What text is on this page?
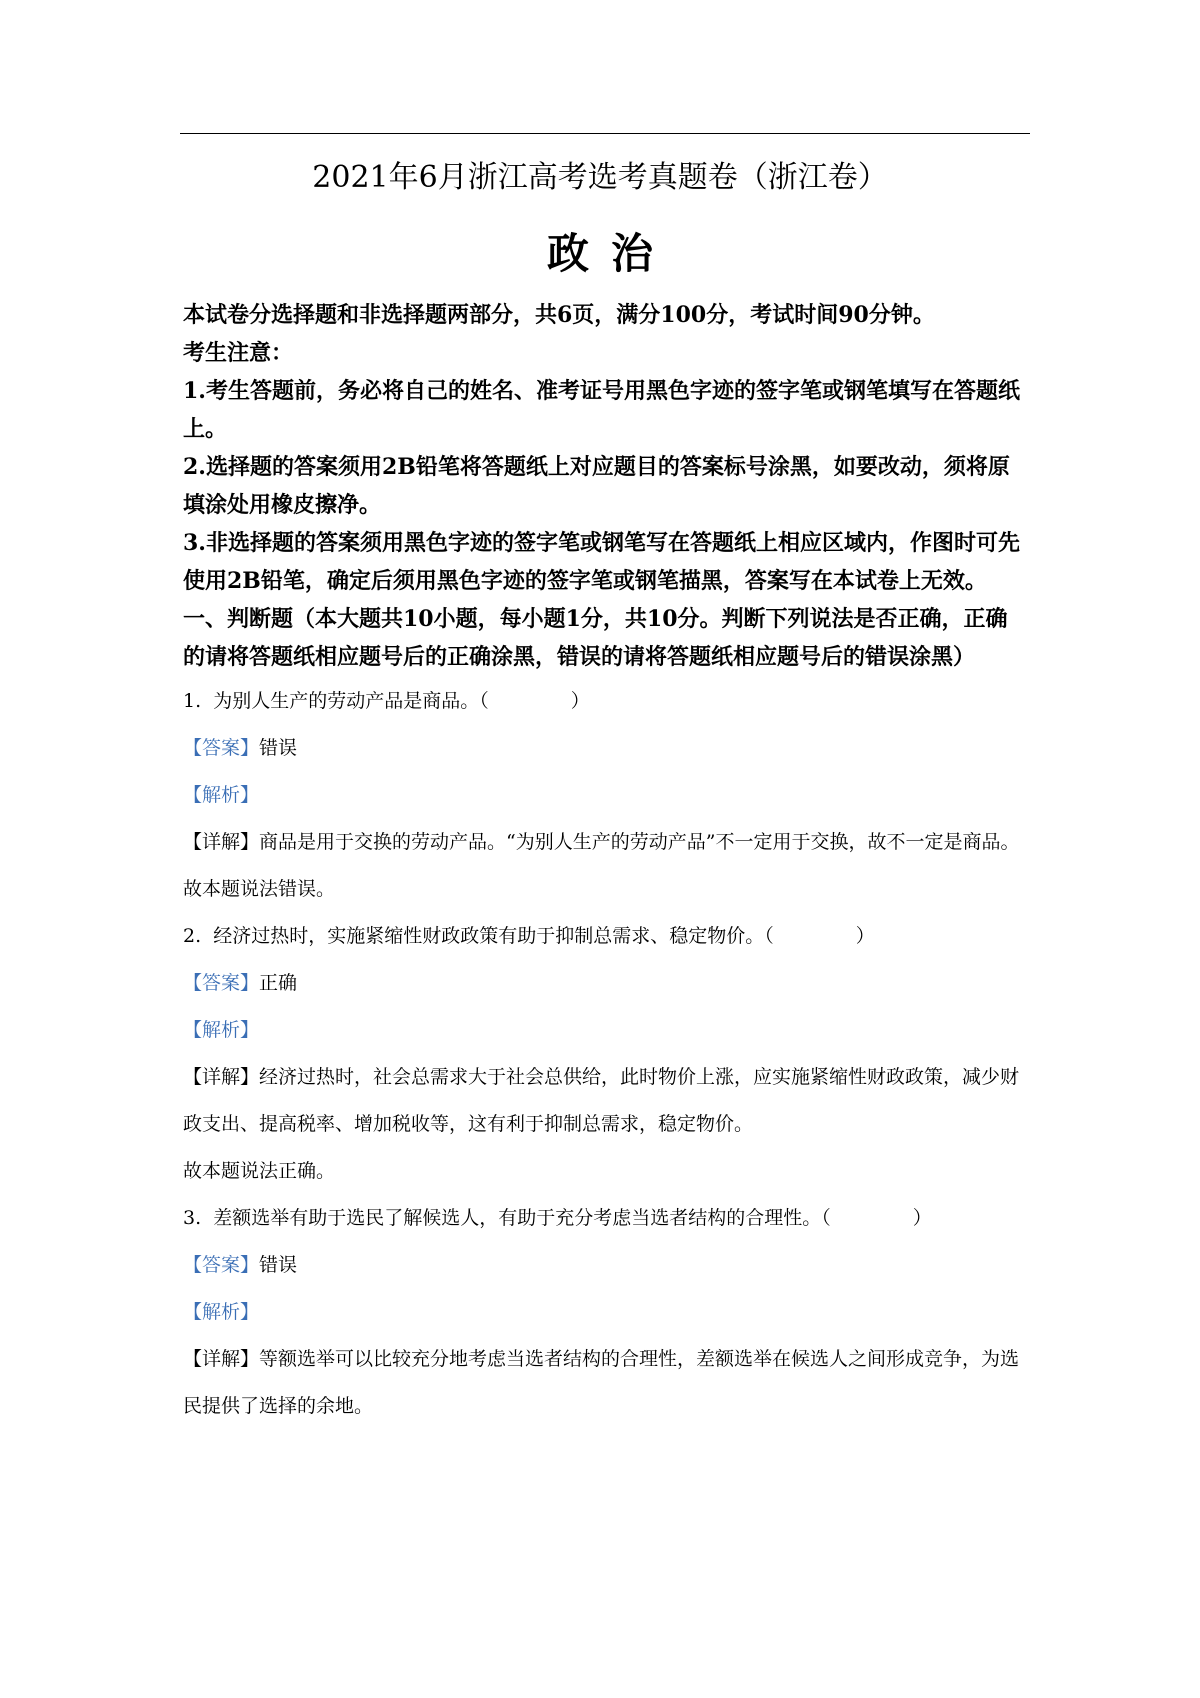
2021年6月浙江高考选考真题卷（浙江卷）
政治

本试卷分选择题和非选择题两部分，共6页，满分100分，考试时间90分钟。

考生注意：

1.考生答题前，务必将自己的姓名、准考证号用黑色字迹的签字笔或钢笔填写在答题纸上。

2.选择题的答案须用2B铅笔将答题纸上对应题目的答案标号涂黑，如要改动，须将原填涂处用橡皮擦净。

3.非选择题的答案须用黑色字迹的签字笔或钢笔写在答题纸上相应区域内，作图时可先使用2B铅笔，确定后须用黑色字迹的签字笔或钢笔描黑，答案写在本试卷上无效。

一、判断题（本大题共10小题，每小题1分，共10分。判断下列说法是否正确，正确的请将答题纸相应题号后的正确涂黑，错误的请将答题纸相应题号后的错误涂黑）

1. 为别人生产的劳动产品是商品。（	）

【答案】错误

【解析】

【详解】商品是用于交换的劳动产品。“为别人生产的劳动产品”不一定用于交换，故不一定是商品。

故本题说法错误。

2. 经济过热时，实施紧缩性财政政策有助于抑制总需求、稳定物价。（	）

【答案】正确

【解析】

【详解】经济过热时，社会总需求大于社会总供给，此时物价上涨，应实施紧缩性财政政策，减少财政支出、提高税率、增加税收等，这有利于抑制总需求，稳定物价。

故本题说法正确。

3. 差额选举有助于选民了解候选人，有助于充分考虑当选者结构的合理性。（	）

【答案】错误

【解析】

【详解】等额选举可以比较充分地考虑当选者结构的合理性，差额选举在候选人之间形成竞争，为选民提供了选择的余地。
